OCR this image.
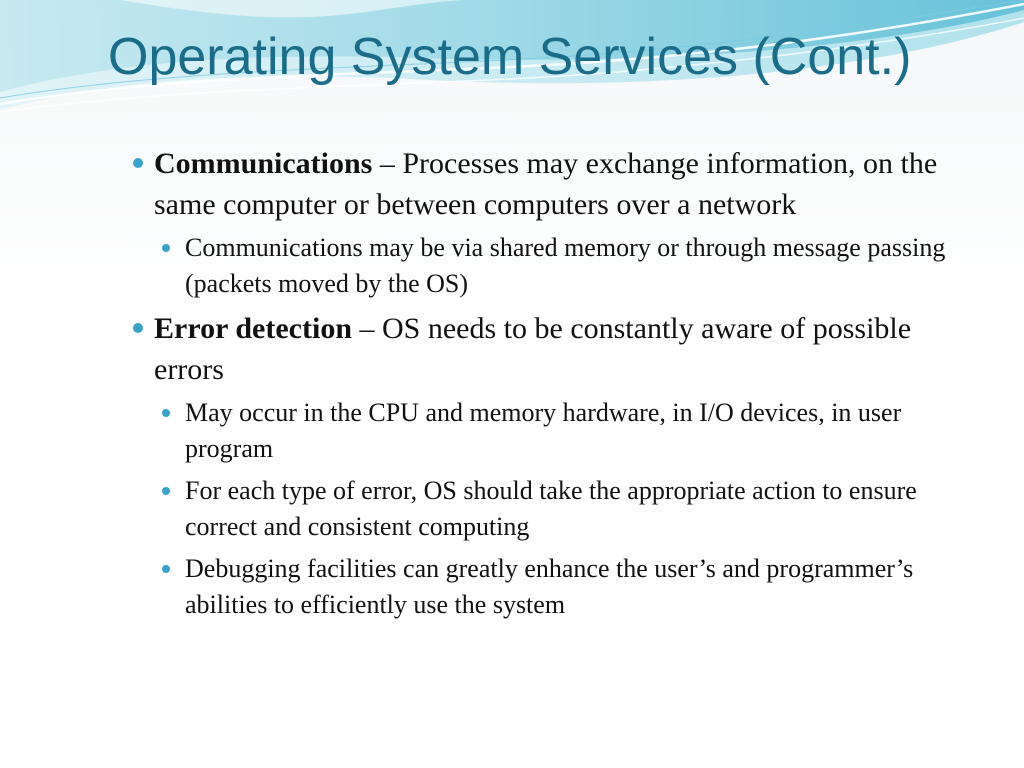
Operating System Services (Cont.)
Communications – Processes may exchange information, on the same computer or between computers over a network
Communications may be via shared memory or through message passing (packets moved by the OS)
Error detection – OS needs to be constantly aware of possible errors
May occur in the CPU and memory hardware, in I/O devices, in user program
For each type of error, OS should take the appropriate action to ensure correct and consistent computing
Debugging facilities can greatly enhance the user’s and programmer’s abilities to efficiently use the system
